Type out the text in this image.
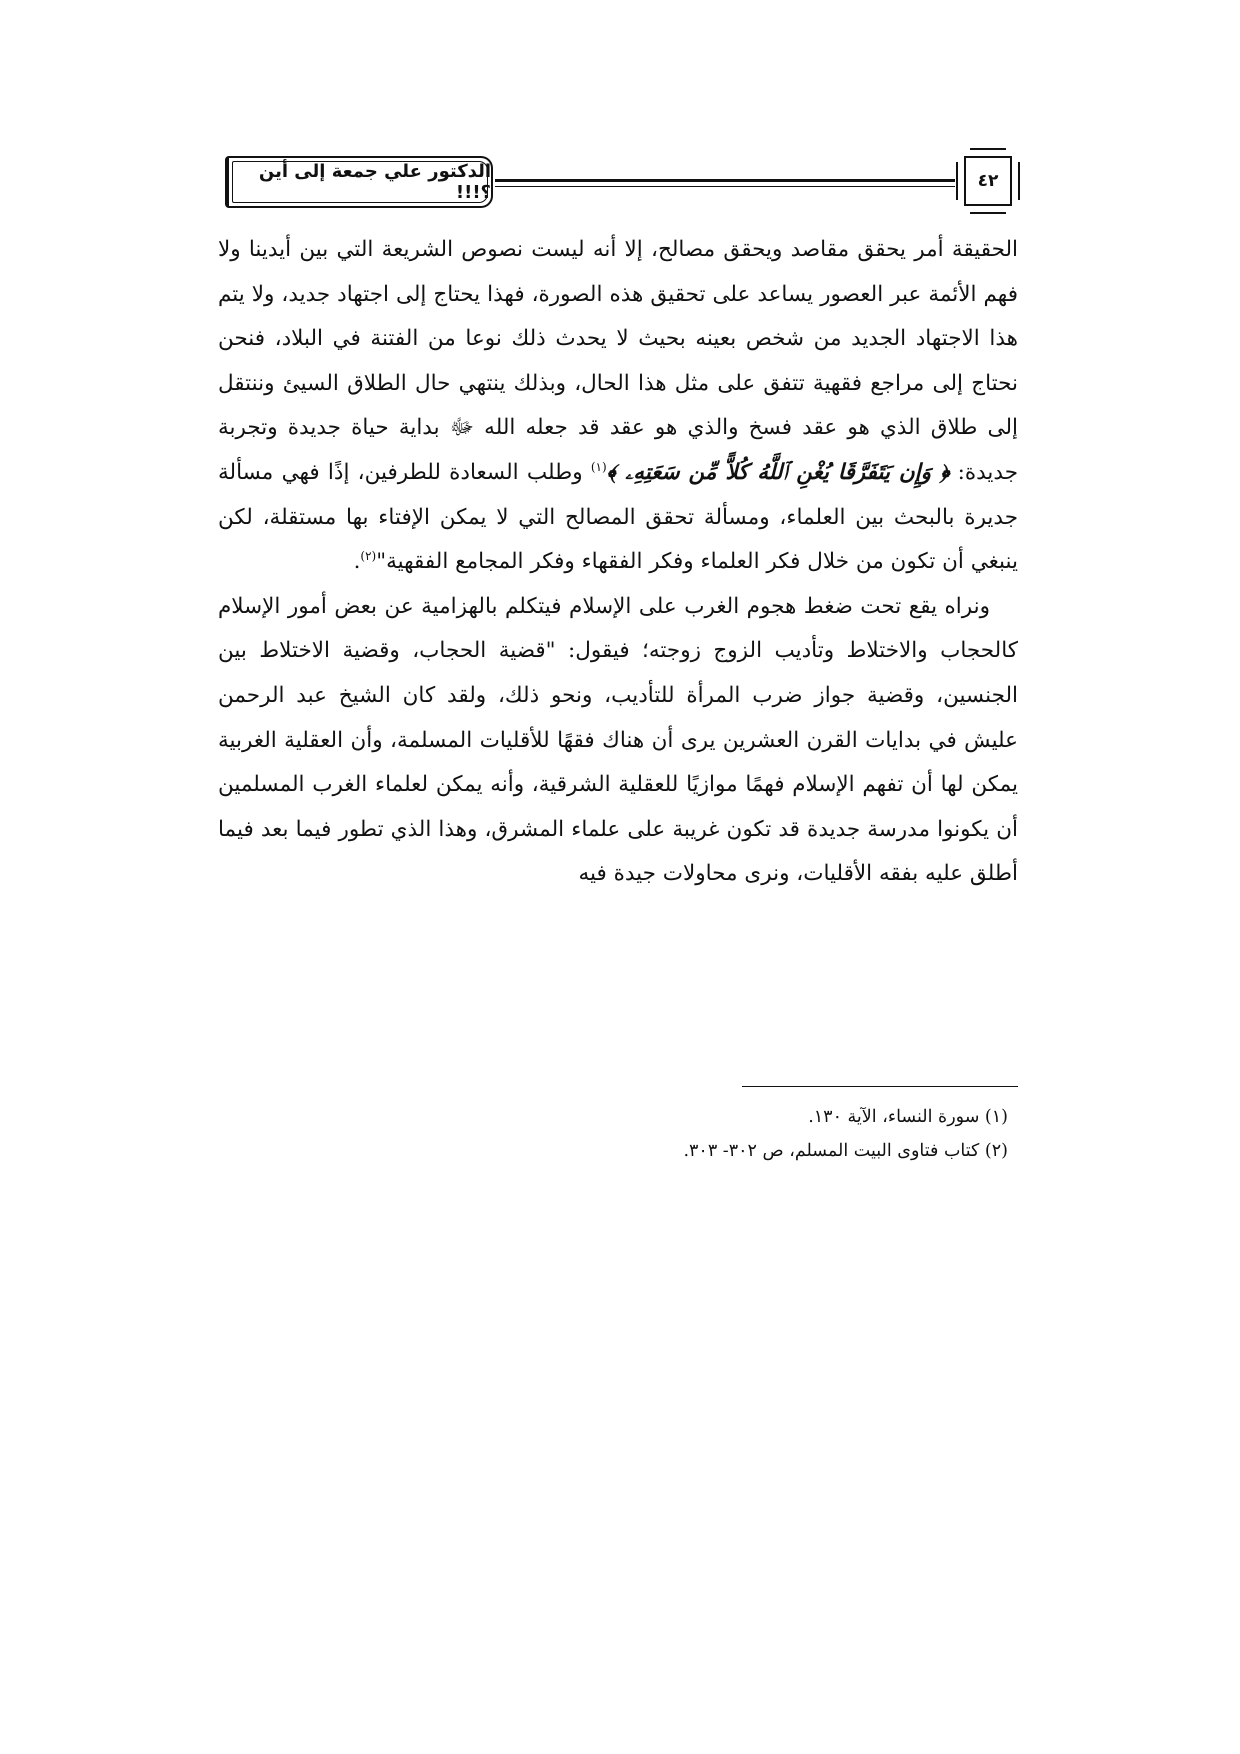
٤٢
الدكتور علي جمعة إلى أين ؟!!!

الحقيقة أمر يحقق مقاصد ويحقق مصالح، إلا أنه ليست نصوص الشريعة التي بين أيدينا ولا فهم الأئمة عبر العصور يساعد على تحقيق هذه الصورة، فهذا يحتاج إلى اجتهاد جديد، ولا يتم هذا الاجتهاد الجديد من شخص بعينه بحيث لا يحدث ذلك نوعا من الفتنة في البلاد، فنحن نحتاج إلى مراجع فقهية تتفق على مثل هذا الحال، وبذلك ينتهي حال الطلاق السيئ وننتقل إلى طلاق الذي هو عقد فسخ والذي هو عقد قد جعله الله ﷻ بداية حياة جديدة وتجربة جديدة: ﴿ وَإِن يَتَفَرَّقَا يُغْنِ ٱللَّهُ كُلاًّ مِّن سَعَتِهِۦ ﴾$^{(١)}$ وطلب السعادة للطرفين، إذًا فهي مسألة جديرة بالبحث بين العلماء، ومسألة تحقق المصالح التي لا يمكن الإفتاء بها مستقلة، لكن ينبغي أن تكون من خلال فكر العلماء وفكر الفقهاء وفكر المجامع الفقهية"$^{(٢)}$.

ونراه يقع تحت ضغط هجوم الغرب على الإسلام فيتكلم بالهزامية عن بعض أمور الإسلام كالحجاب والاختلاط وتأديب الزوج زوجته؛ فيقول: "قضية الحجاب، وقضية الاختلاط بين الجنسين، وقضية جواز ضرب المرأة للتأديب، ونحو ذلك، ولقد كان الشيخ عبد الرحمن عليش في بدايات القرن العشرين يرى أن هناك فقهًا للأقليات المسلمة، وأن العقلية الغربية يمكن لها أن تفهم الإسلام فهمًا موازيًا للعقلية الشرقية، وأنه يمكن لعلماء الغرب المسلمين أن يكونوا مدرسة جديدة قد تكون غريبة على علماء المشرق، وهذا الذي تطور فيما بعد فيما أطلق عليه بفقه الأقليات، ونرى محاولات جيدة فيه

(١) سورة النساء، الآية ١٣٠.

(٢) كتاب فتاوى البيت المسلم، ص ٣٠٢- ٣٠٣.
